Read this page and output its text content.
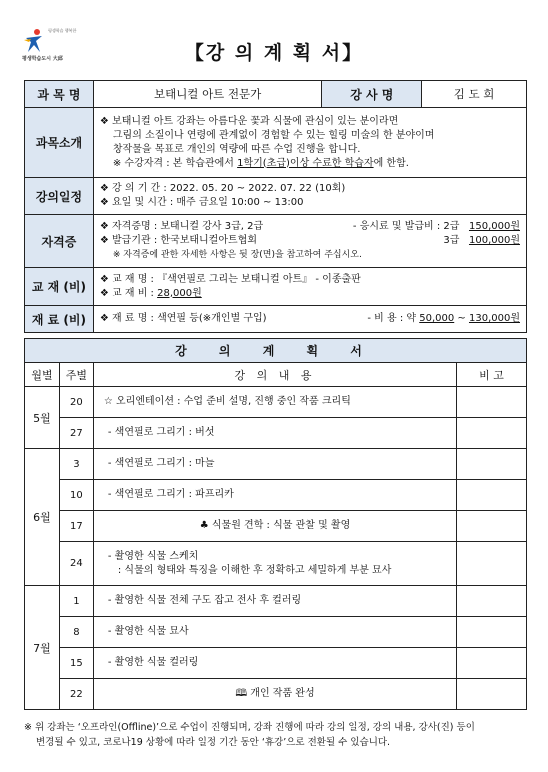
평생학습 행복한
평생학습도시 大邱	【강 의 계 획 서】
과 목 명	보태니컬 아트 전문가	강 사 명	김 도 희
과목소개	❖ 보태니컬 아트 강좌는 아름다운 꽃과 식물에 관심이 있는 분이라면
그림의 소질이나 연령에 관계없이 경험할 수 있는 힐링 미술의 한 분야이며
창작물을 목표로 개인의 역량에 따른 수업 진행을 합니다.
※ 수강자격 : 본 학습관에서 1학기(초급)이상 수료한 학습자에 한함.		

강의일정	❖ 강 의 기 간 : 2022. 05. 20 ~ 2022. 07. 22 (10회)
❖ 요일 및 시간 : 매주 금요일 10:00 ~ 13:00		

자격증	❖ 자격증명 : 보태니컬 강사 3급, 2급 - 응시료 및 발급비 : 2급 150,000원
❖ 발급기관 : 한국보태니컬아트협회 3급 100,000원
※ 자격증에 관한 자세한 사항은 뒷 장(면)을 참고하여 주십시오.		

교 재 (비)	❖ 교 재 명 : 『색연필로 그리는 보태니컬 아트』 - 이종출판
❖ 교 재 비 : 28,000원		

재 료 (비)	❖ 재 료 명 : 색연필 등(※개인별 구입) - 비 용 : 약 50,000 ~ 130,000원		
강 의 계 획 서			
월별	주별	강 의 내 용	비 고
5월	20	☆ 오리엔테이션 : 수업 준비 설명, 진행 중인 작품 크리틱	
	27	- 색연필로 그리기 : 버섯	
6월	3	- 색연필로 그리기 : 마늘	
	10	- 색연필로 그리기 : 파프리카	
	17	♣ 식물원 견학 : 식물 관찰 및 촬영	
	24	- 촬영한 식물 스케치
: 식물의 형태와 특징을 이해한 후 정확하고 세밀하게 부분 묘사	

7월	1	- 촬영한 식물 전체 구도 잡고 전사 후 컬러링	
	8	- 촬영한 식물 묘사	
	15	- 촬영한 식물 컬러링	
	22	🕮 개인 작품 완성	
※ 위 강좌는 ‘오프라인(Offline)’으로 수업이 진행되며, 강좌 진행에 따라 강의 일정, 강의 내용, 강사(진) 등이
변경될 수 있고, 코로나19 상황에 따라 일정 기간 동안 ‘휴강’으로 전환될 수 있습니다.
